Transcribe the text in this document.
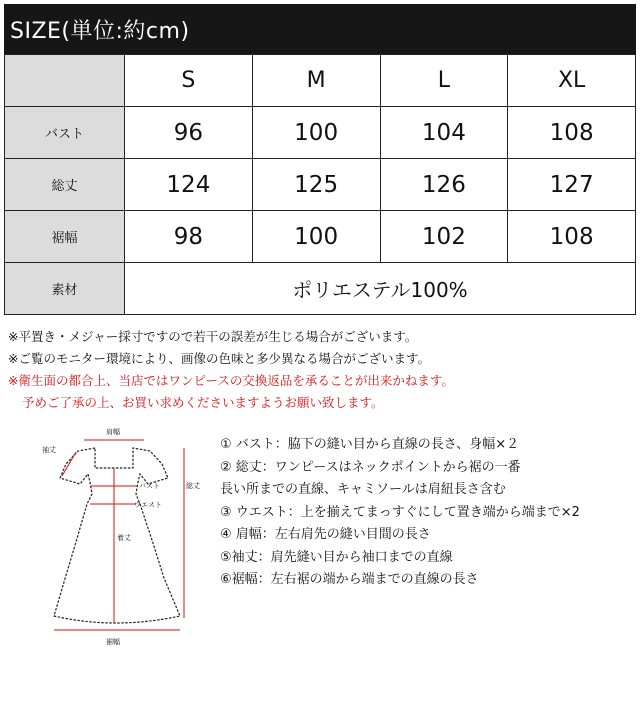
SIZE(単位:約cm)
	S	M	L	XL
バスト	96	100	104	108
総丈	124	125	126	127
裾幅	98	100	102	108
素材	ポリエステル100%			
※平置き・メジャー採寸ですので若干の誤差が生じる場合がございます。
※ご覧のモニター環境により、画像の色味と多少異なる場合がございます。
※衛生面の都合上、当店ではワンピースの交換返品を承ることが出来かねます。
予めご了承の上、お買い求めくださいますようお願い致します。
肩幅
袖丈
バスト
ウエスト
着丈
総丈
裾幅
① バスト：脇下の縫い目から直線の長さ、身幅×２
② 総丈：ワンピースはネックポイントから裾の一番
長い所までの直線、キャミソールは肩紐長さ含む
③ ウエスト：上を揃えてまっすぐにして置き端から端まで×2
④ 肩幅：左右肩先の縫い目間の長さ
⑤袖丈：肩先縫い目から袖口までの直線
⑥裾幅：左右裾の端から端までの直線の長さ
